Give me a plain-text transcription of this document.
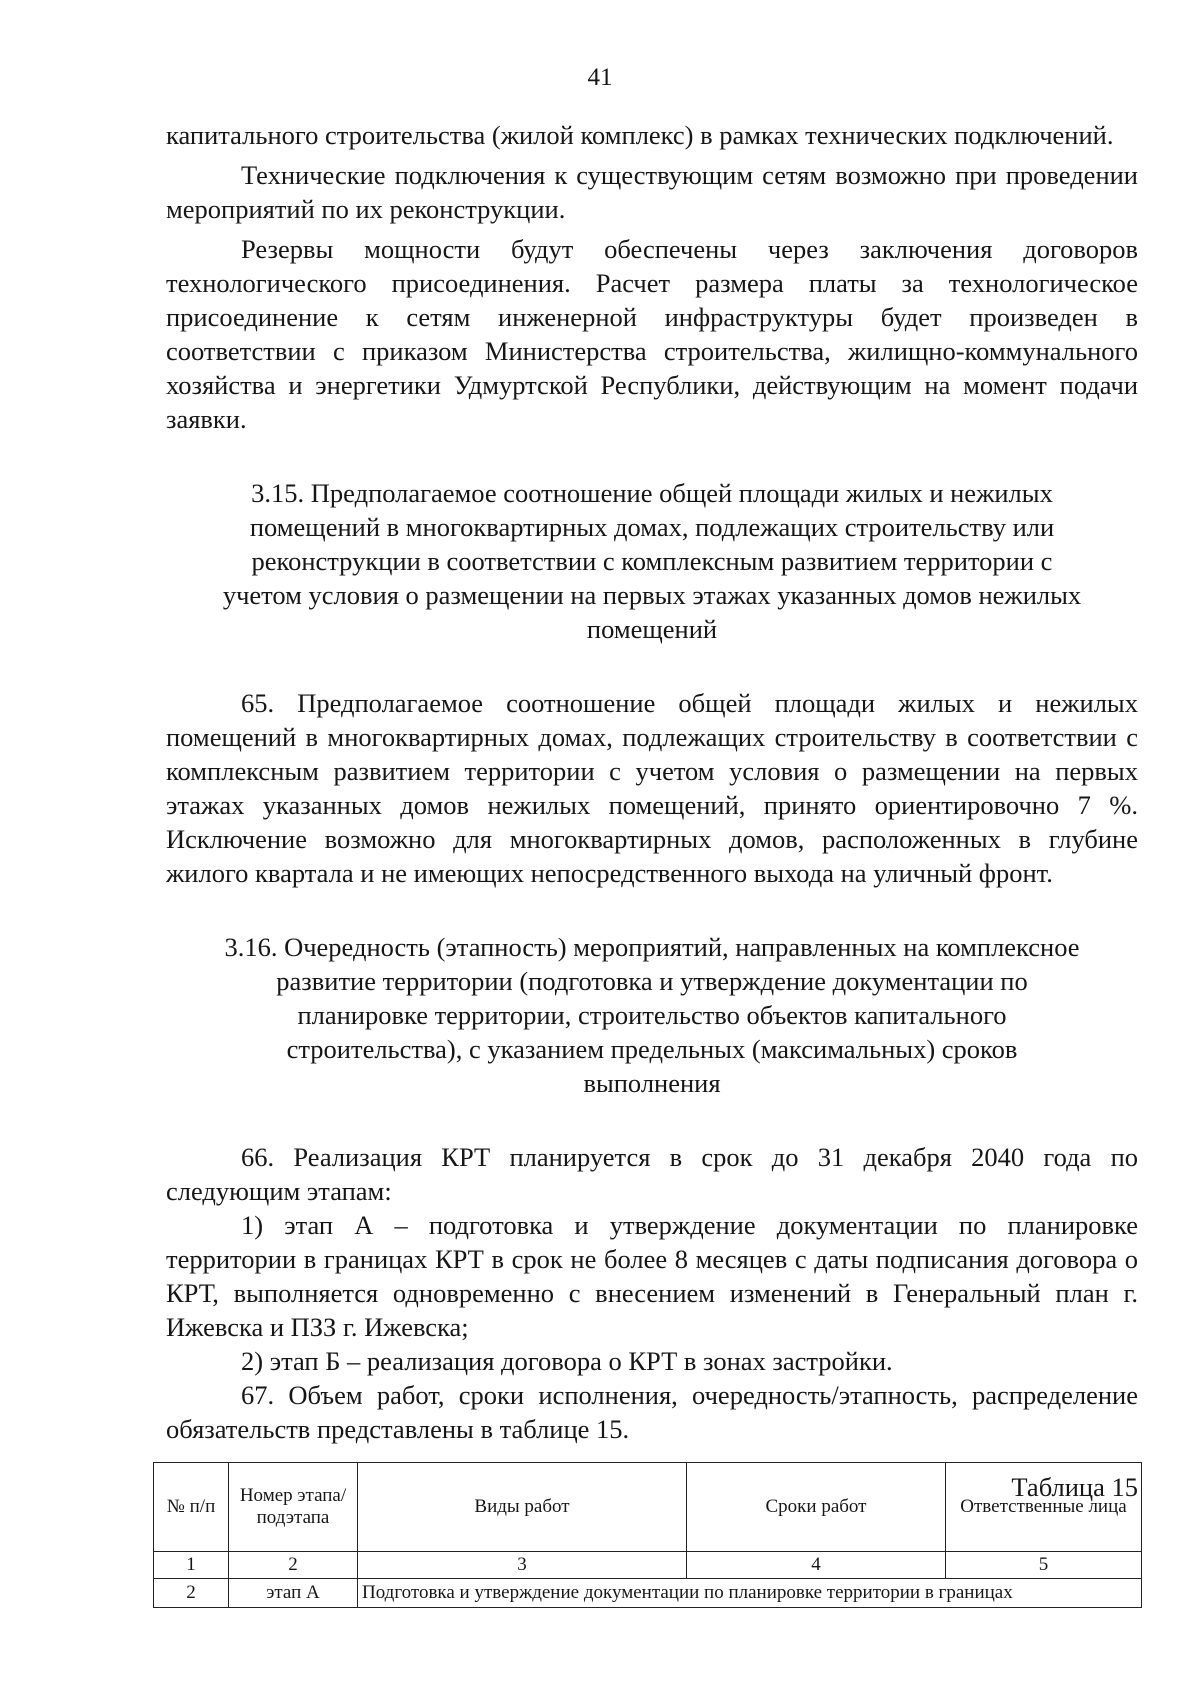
41

капитального строительства (жилой комплекс) в рамках технических подключений.

Технические подключения к существующим сетям возможно при проведении мероприятий по их реконструкции.

Резервы мощности будут обеспечены через заключения договоров технологического присоединения. Расчет размера платы за технологическое присоединение к сетям инженерной инфраструктуры будет произведен в соответствии с приказом Министерства строительства, жилищно-коммунального хозяйства и энергетики Удмуртской Республики, действующим на момент подачи заявки.

3.15. Предполагаемое соотношение общей площади жилых и нежилых помещений в многоквартирных домах, подлежащих строительству или реконструкции в соответствии с комплексным развитием территории с учетом условия о размещении на первых этажах указанных домов нежилых помещений

65. Предполагаемое соотношение общей площади жилых и нежилых помещений в многоквартирных домах, подлежащих строительству в соответствии с комплексным развитием территории с учетом условия о размещении на первых этажах указанных домов нежилых помещений, принято ориентировочно 7 %. Исключение возможно для многоквартирных домов, расположенных в глубине жилого квартала и не имеющих непосредственного выхода на уличный фронт.

3.16. Очередность (этапность) мероприятий, направленных на комплексное развитие территории (подготовка и утверждение документации по планировке территории, строительство объектов капитального строительства), с указанием предельных (максимальных) сроков выполнения

66. Реализация КРТ планируется в срок до 31 декабря 2040 года по следующим этапам:

1) этап А – подготовка и утверждение документации по планировке территории в границах КРТ в срок не более 8 месяцев с даты подписания договора о КРТ, выполняется одновременно с внесением изменений в Генеральный план г. Ижевска и ПЗЗ г. Ижевска;

2) этап Б – реализация договора о КРТ в зонах застройки.

67. Объем работ, сроки исполнения, очередность/этапность, распределение обязательств представлены в таблице 15.

Таблица 15

№ п/п	Номер этапа/ подэтапа	Виды работ	Сроки работ	Ответственные лица
1	2	3	4	5
2	этап А	Подготовка и утверждение документации по планировке территории в границах		
